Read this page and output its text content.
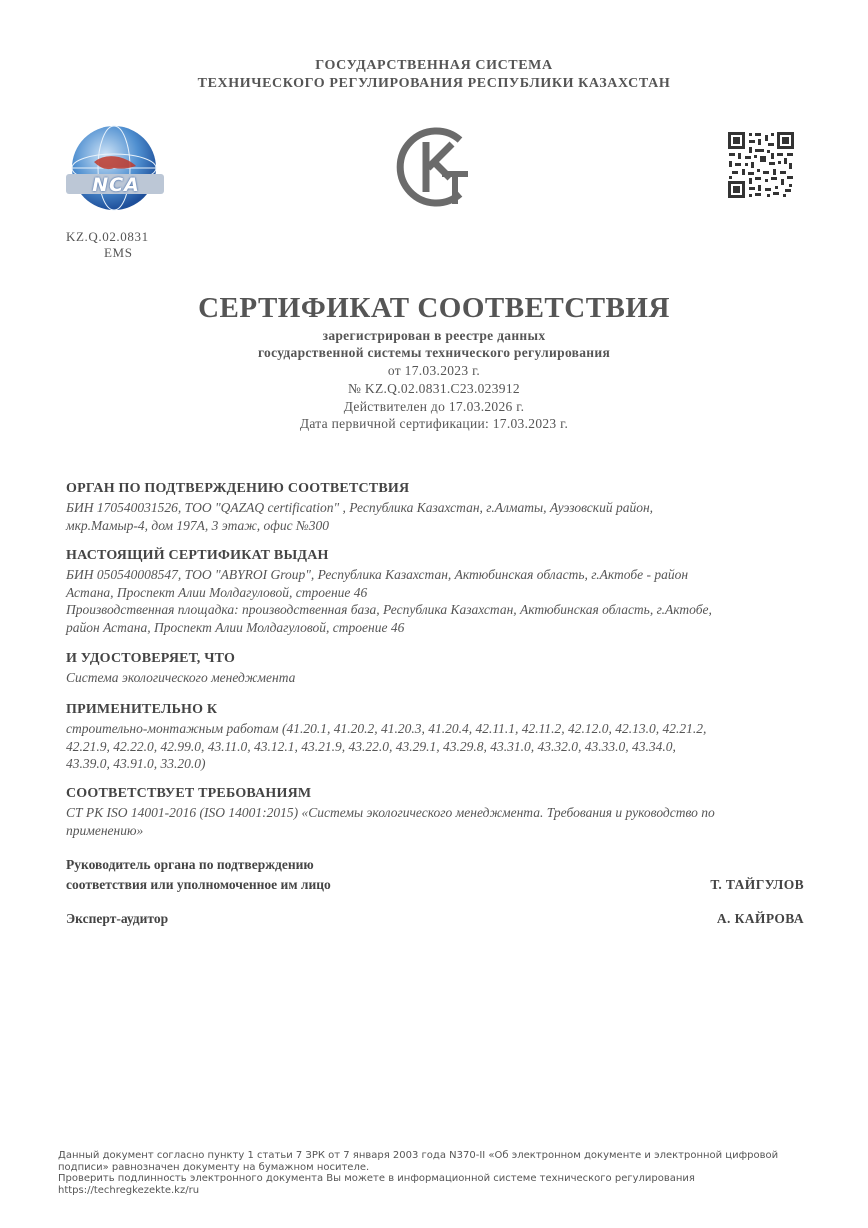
ГОСУДАРСТВЕННАЯ СИСТЕМА
ТЕХНИЧЕСКОГО РЕГУЛИРОВАНИЯ РЕСПУБЛИКИ КАЗАХСТАН
NCA
KZ.Q.02.0831
EMS
СЕРТИФИКАТ СООТВЕТСТВИЯ
зарегистрирован в реестре данных
государственной системы технического регулирования
от 17.03.2023 г.
№ KZ.Q.02.0831.С23.023912
Действителен до 17.03.2026 г.
Дата первичной сертификации: 17.03.2023 г.
ОРГАН ПО ПОДТВЕРЖДЕНИЮ СООТВЕТСТВИЯ
БИН 170540031526, ТОО "QAZAQ certification" , Республика Казахстан, г.Алматы, Ауэзовский район,
мкр.Мамыр-4, дом 197А, 3 этаж, офис №300
НАСТОЯЩИЙ СЕРТИФИКАТ ВЫДАН
БИН 050540008547, ТОО "ABYROI Group", Республика Казахстан, Актюбинская область, г.Актобе - район
Астана, Проспект Алии Молдагуловой, строение 46
Производственная площадка: производственная база, Республика Казахстан, Актюбинская область, г.Актобе,
район Астана, Проспект Алии Молдагуловой, строение 46
И УДОСТОВЕРЯЕТ, ЧТО
Система экологического менеджмента
ПРИМЕНИТЕЛЬНО К
строительно-монтажным работам (41.20.1, 41.20.2, 41.20.3, 41.20.4, 42.11.1, 42.11.2, 42.12.0, 42.13.0, 42.21.2,
42.21.9, 42.22.0, 42.99.0, 43.11.0, 43.12.1, 43.21.9, 43.22.0, 43.29.1, 43.29.8, 43.31.0, 43.32.0, 43.33.0, 43.34.0,
43.39.0, 43.91.0, 33.20.0)
СООТВЕТСТВУЕТ ТРЕБОВАНИЯМ
СТ РК ISO 14001-2016 (ISO 14001:2015) «Системы экологического менеджмента. Требования и руководство по
применению»
Руководитель органа по подтверждению
соответствия или уполномоченное им лицо	Т. ТАЙГУЛОВ
Эксперт-аудитор	А. КАЙРОВА
Данный документ согласно пункту 1 статьи 7 ЗРК от 7 января 2003 года N370-II «Об электронном документе и электронной цифровой
подписи» равнозначен документу на бумажном носителе.
Проверить подлинность электронного документа Вы можете в информационной системе технического регулирования
https://techregkezekte.kz/ru
